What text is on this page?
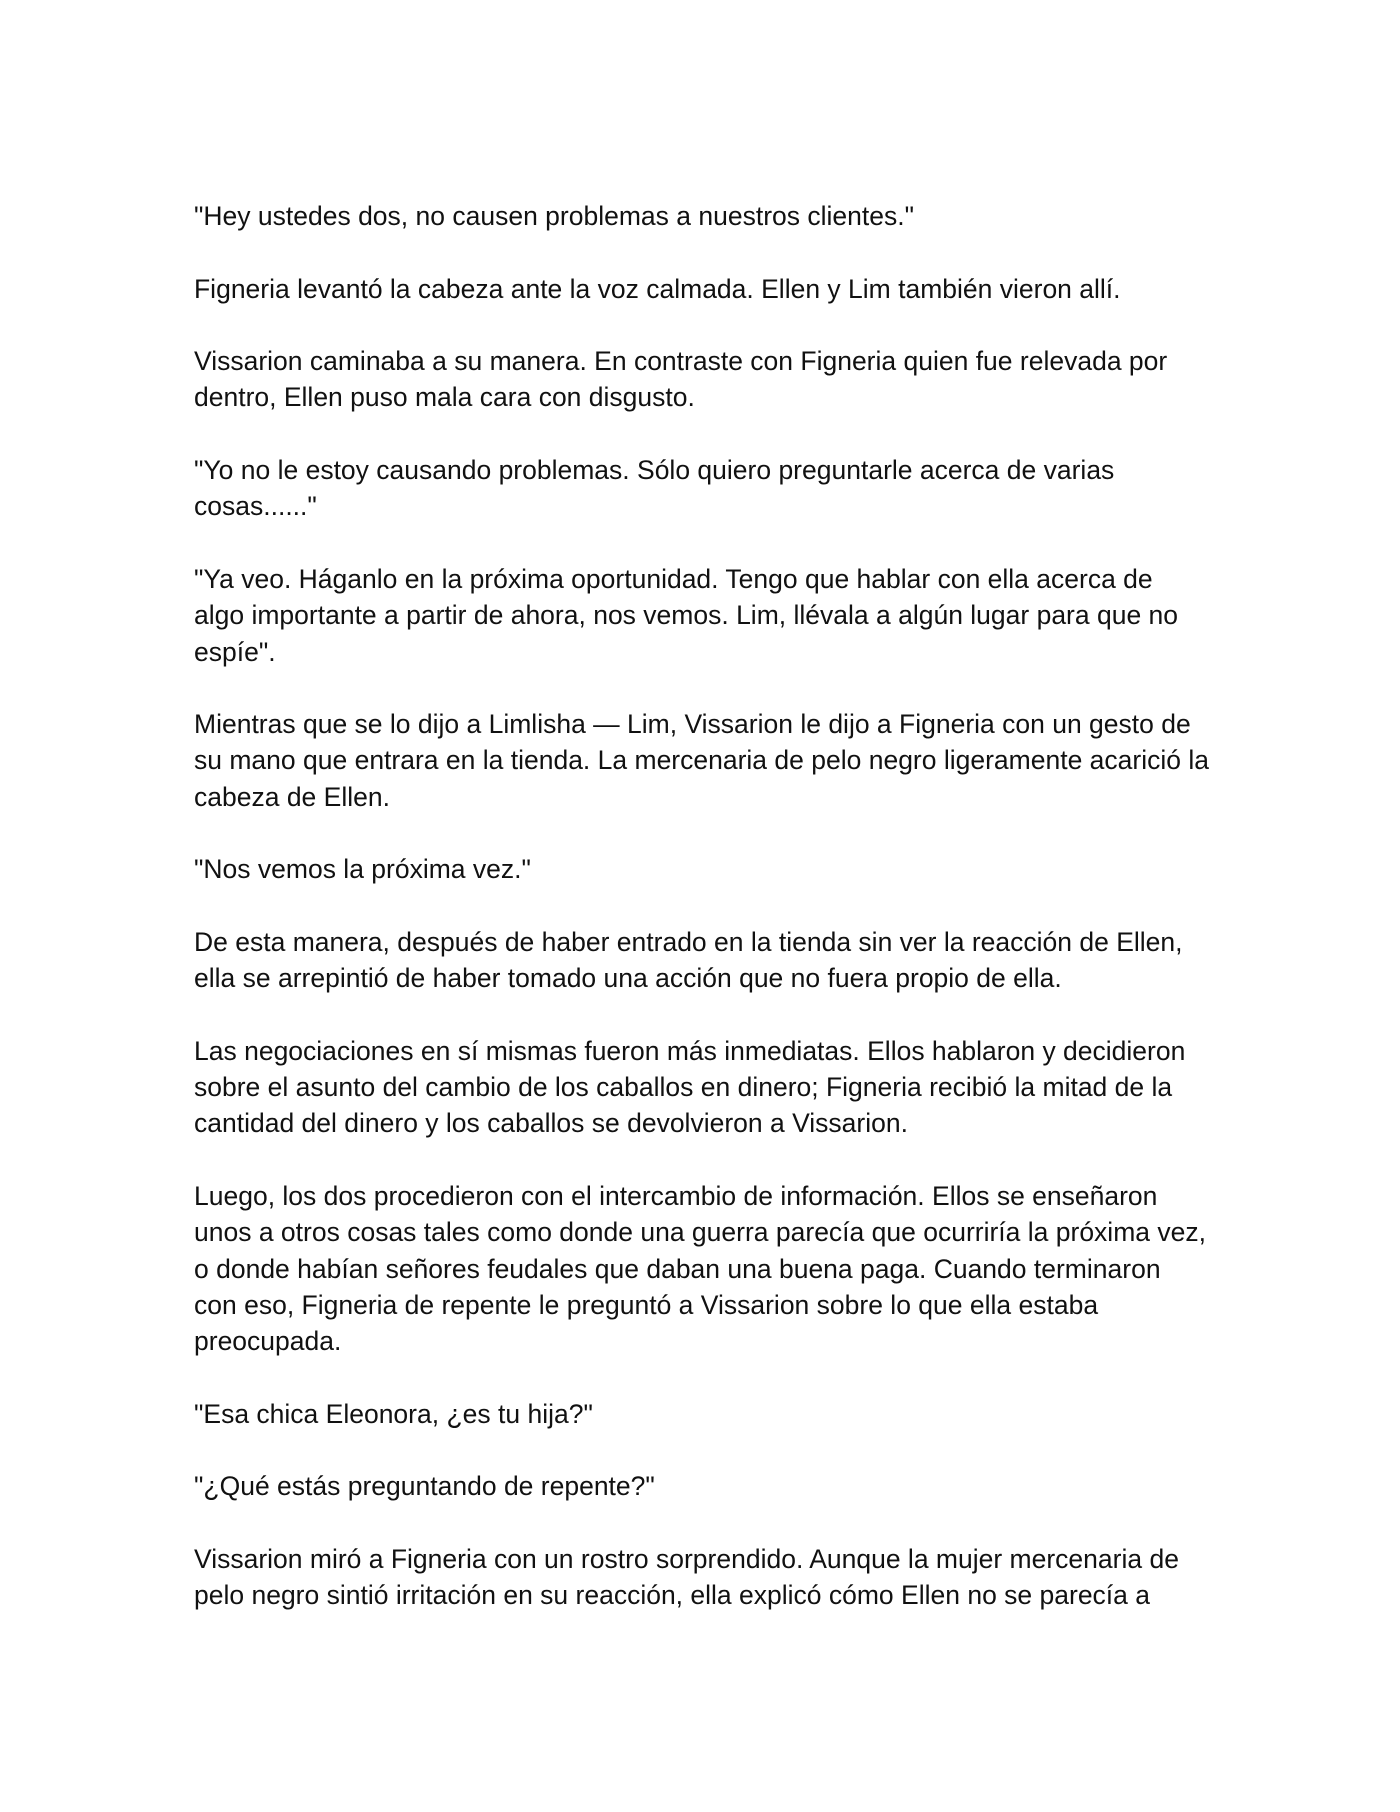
"Hey ustedes dos, no causen problemas a nuestros clientes."

Figneria levantó la cabeza ante la voz calmada. Ellen y Lim también vieron allí.

Vissarion caminaba a su manera. En contraste con Figneria quien fue relevada por dentro, Ellen puso mala cara con disgusto.

"Yo no le estoy causando problemas. Sólo quiero preguntarle acerca de varias cosas......"

"Ya veo. Háganlo en la próxima oportunidad. Tengo que hablar con ella acerca de algo importante a partir de ahora, nos vemos. Lim, llévala a algún lugar para que no espíe".

Mientras que se lo dijo a Limlisha — Lim, Vissarion le dijo a Figneria con un gesto de su mano que entrara en la tienda. La mercenaria de pelo negro ligeramente acarició la cabeza de Ellen.

"Nos vemos la próxima vez."

De esta manera, después de haber entrado en la tienda sin ver la reacción de Ellen, ella se arrepintió de haber tomado una acción que no fuera propio de ella.

Las negociaciones en sí mismas fueron más inmediatas. Ellos hablaron y decidieron sobre el asunto del cambio de los caballos en dinero; Figneria recibió la mitad de la cantidad del dinero y los caballos se devolvieron a Vissarion.

Luego, los dos procedieron con el intercambio de información. Ellos se enseñaron unos a otros cosas tales como donde una guerra parecía que ocurriría la próxima vez, o donde habían señores feudales que daban una buena paga. Cuando terminaron con eso, Figneria de repente le preguntó a Vissarion sobre lo que ella estaba preocupada.

"Esa chica Eleonora, ¿es tu hija?"

"¿Qué estás preguntando de repente?"

Vissarion miró a Figneria con un rostro sorprendido. Aunque la mujer mercenaria de pelo negro sintió irritación en su reacción, ella explicó cómo Ellen no se parecía a
